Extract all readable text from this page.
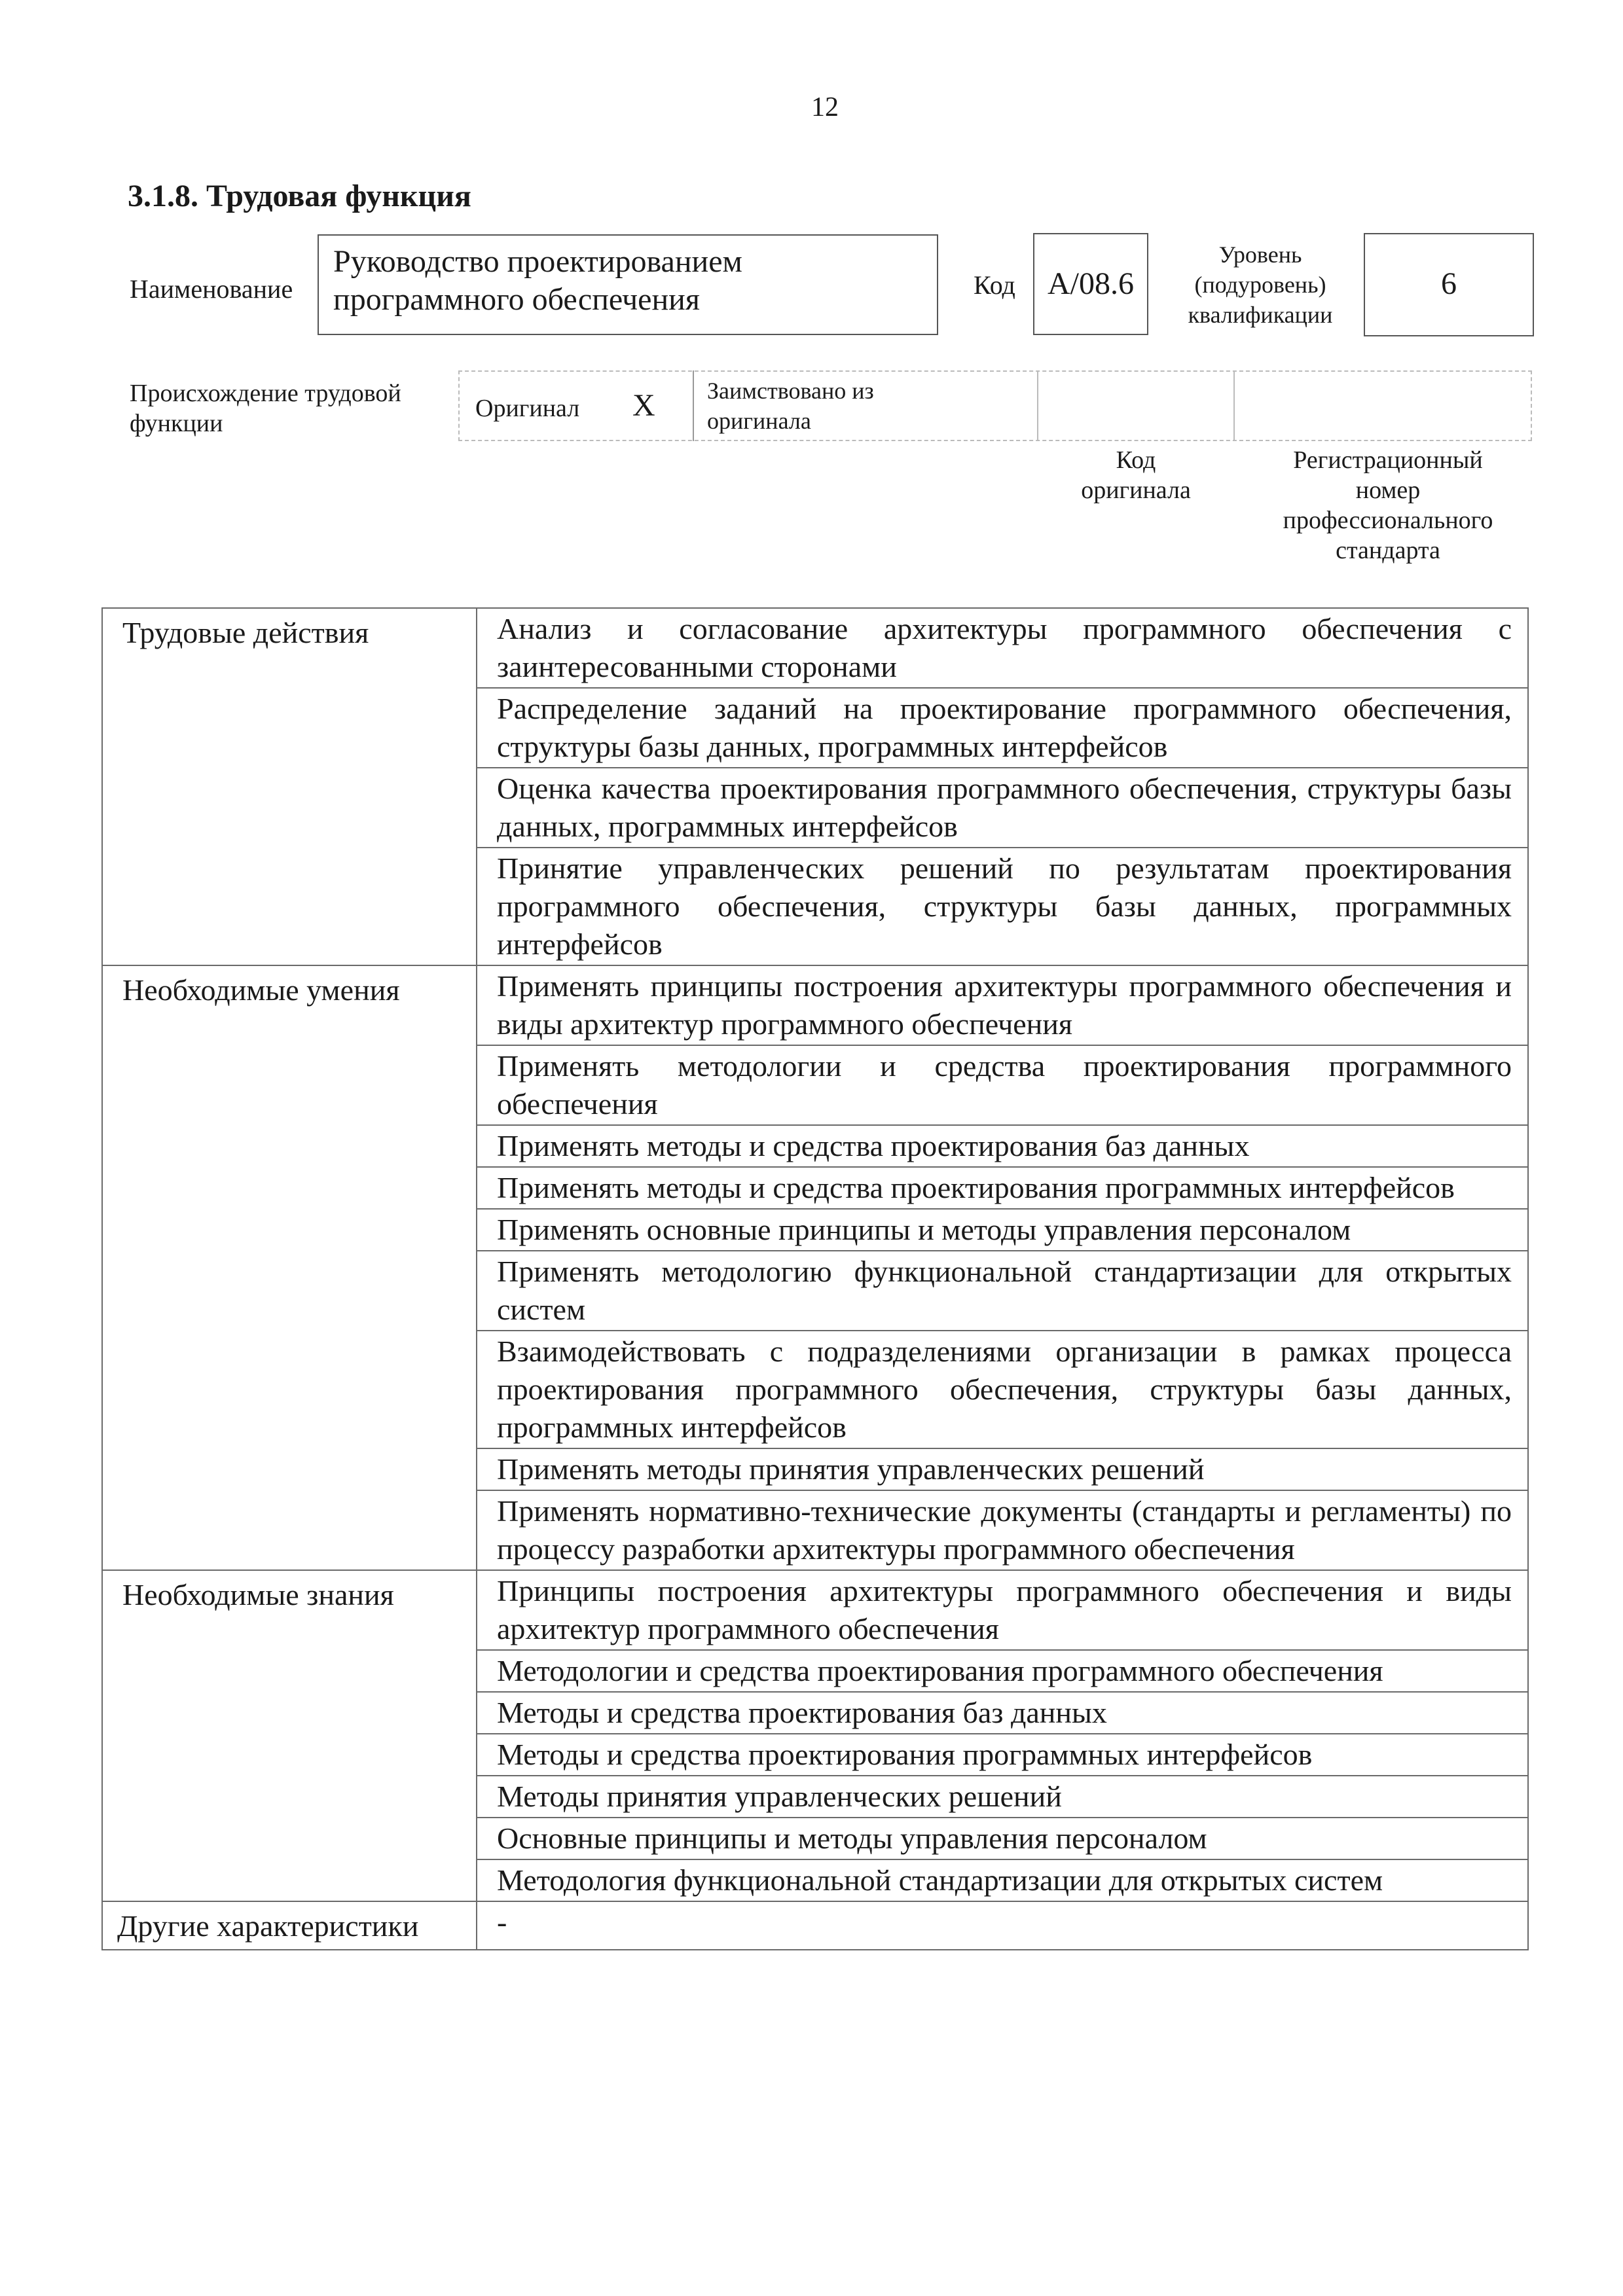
12
3.1.8. Трудовая функция
Наименование
Руководство проектированием
программного обеспечения	Код	A/08.6
Уровень
(подуровень)
квалификации
6
Происхождение трудовой
функции
Оригинал X Заимствовано из
оригинала
Код
оригинала
Регистрационный
номер
профессионального
стандарта
Трудовые действия	Анализ и согласование архитектуры программного обеспечения с заинтересованными сторонами
	Распределение заданий на проектирование программного обеспечения, структуры базы данных, программных интерфейсов
	Оценка качества проектирования программного обеспечения, структуры базы данных, программных интерфейсов
	Принятие управленческих решений по результатам проектирования программного обеспечения, структуры базы данных, программных интерфейсов
Необходимые умения	Применять принципы построения архитектуры программного обеспечения и виды архитектур программного обеспечения
	Применять методологии и средства проектирования программного обеспечения
	Применять методы и средства проектирования баз данных
	Применять методы и средства проектирования программных интерфейсов
	Применять основные принципы и методы управления персоналом
	Применять методологию функциональной стандартизации для открытых систем
	Взаимодействовать с подразделениями организации в рамках процесса проектирования программного обеспечения, структуры базы данных, программных интерфейсов
	Применять методы принятия управленческих решений
	Применять нормативно-технические документы (стандарты и регламенты) по процессу разработки архитектуры программного обеспечения
Необходимые знания	Принципы построения архитектуры программного обеспечения и виды архитектур программного обеспечения
	Методологии и средства проектирования программного обеспечения
	Методы и средства проектирования баз данных
	Методы и средства проектирования программных интерфейсов
	Методы принятия управленческих решений
	Основные принципы и методы управления персоналом
	Методология функциональной стандартизации для открытых систем
Другие характеристики	-
